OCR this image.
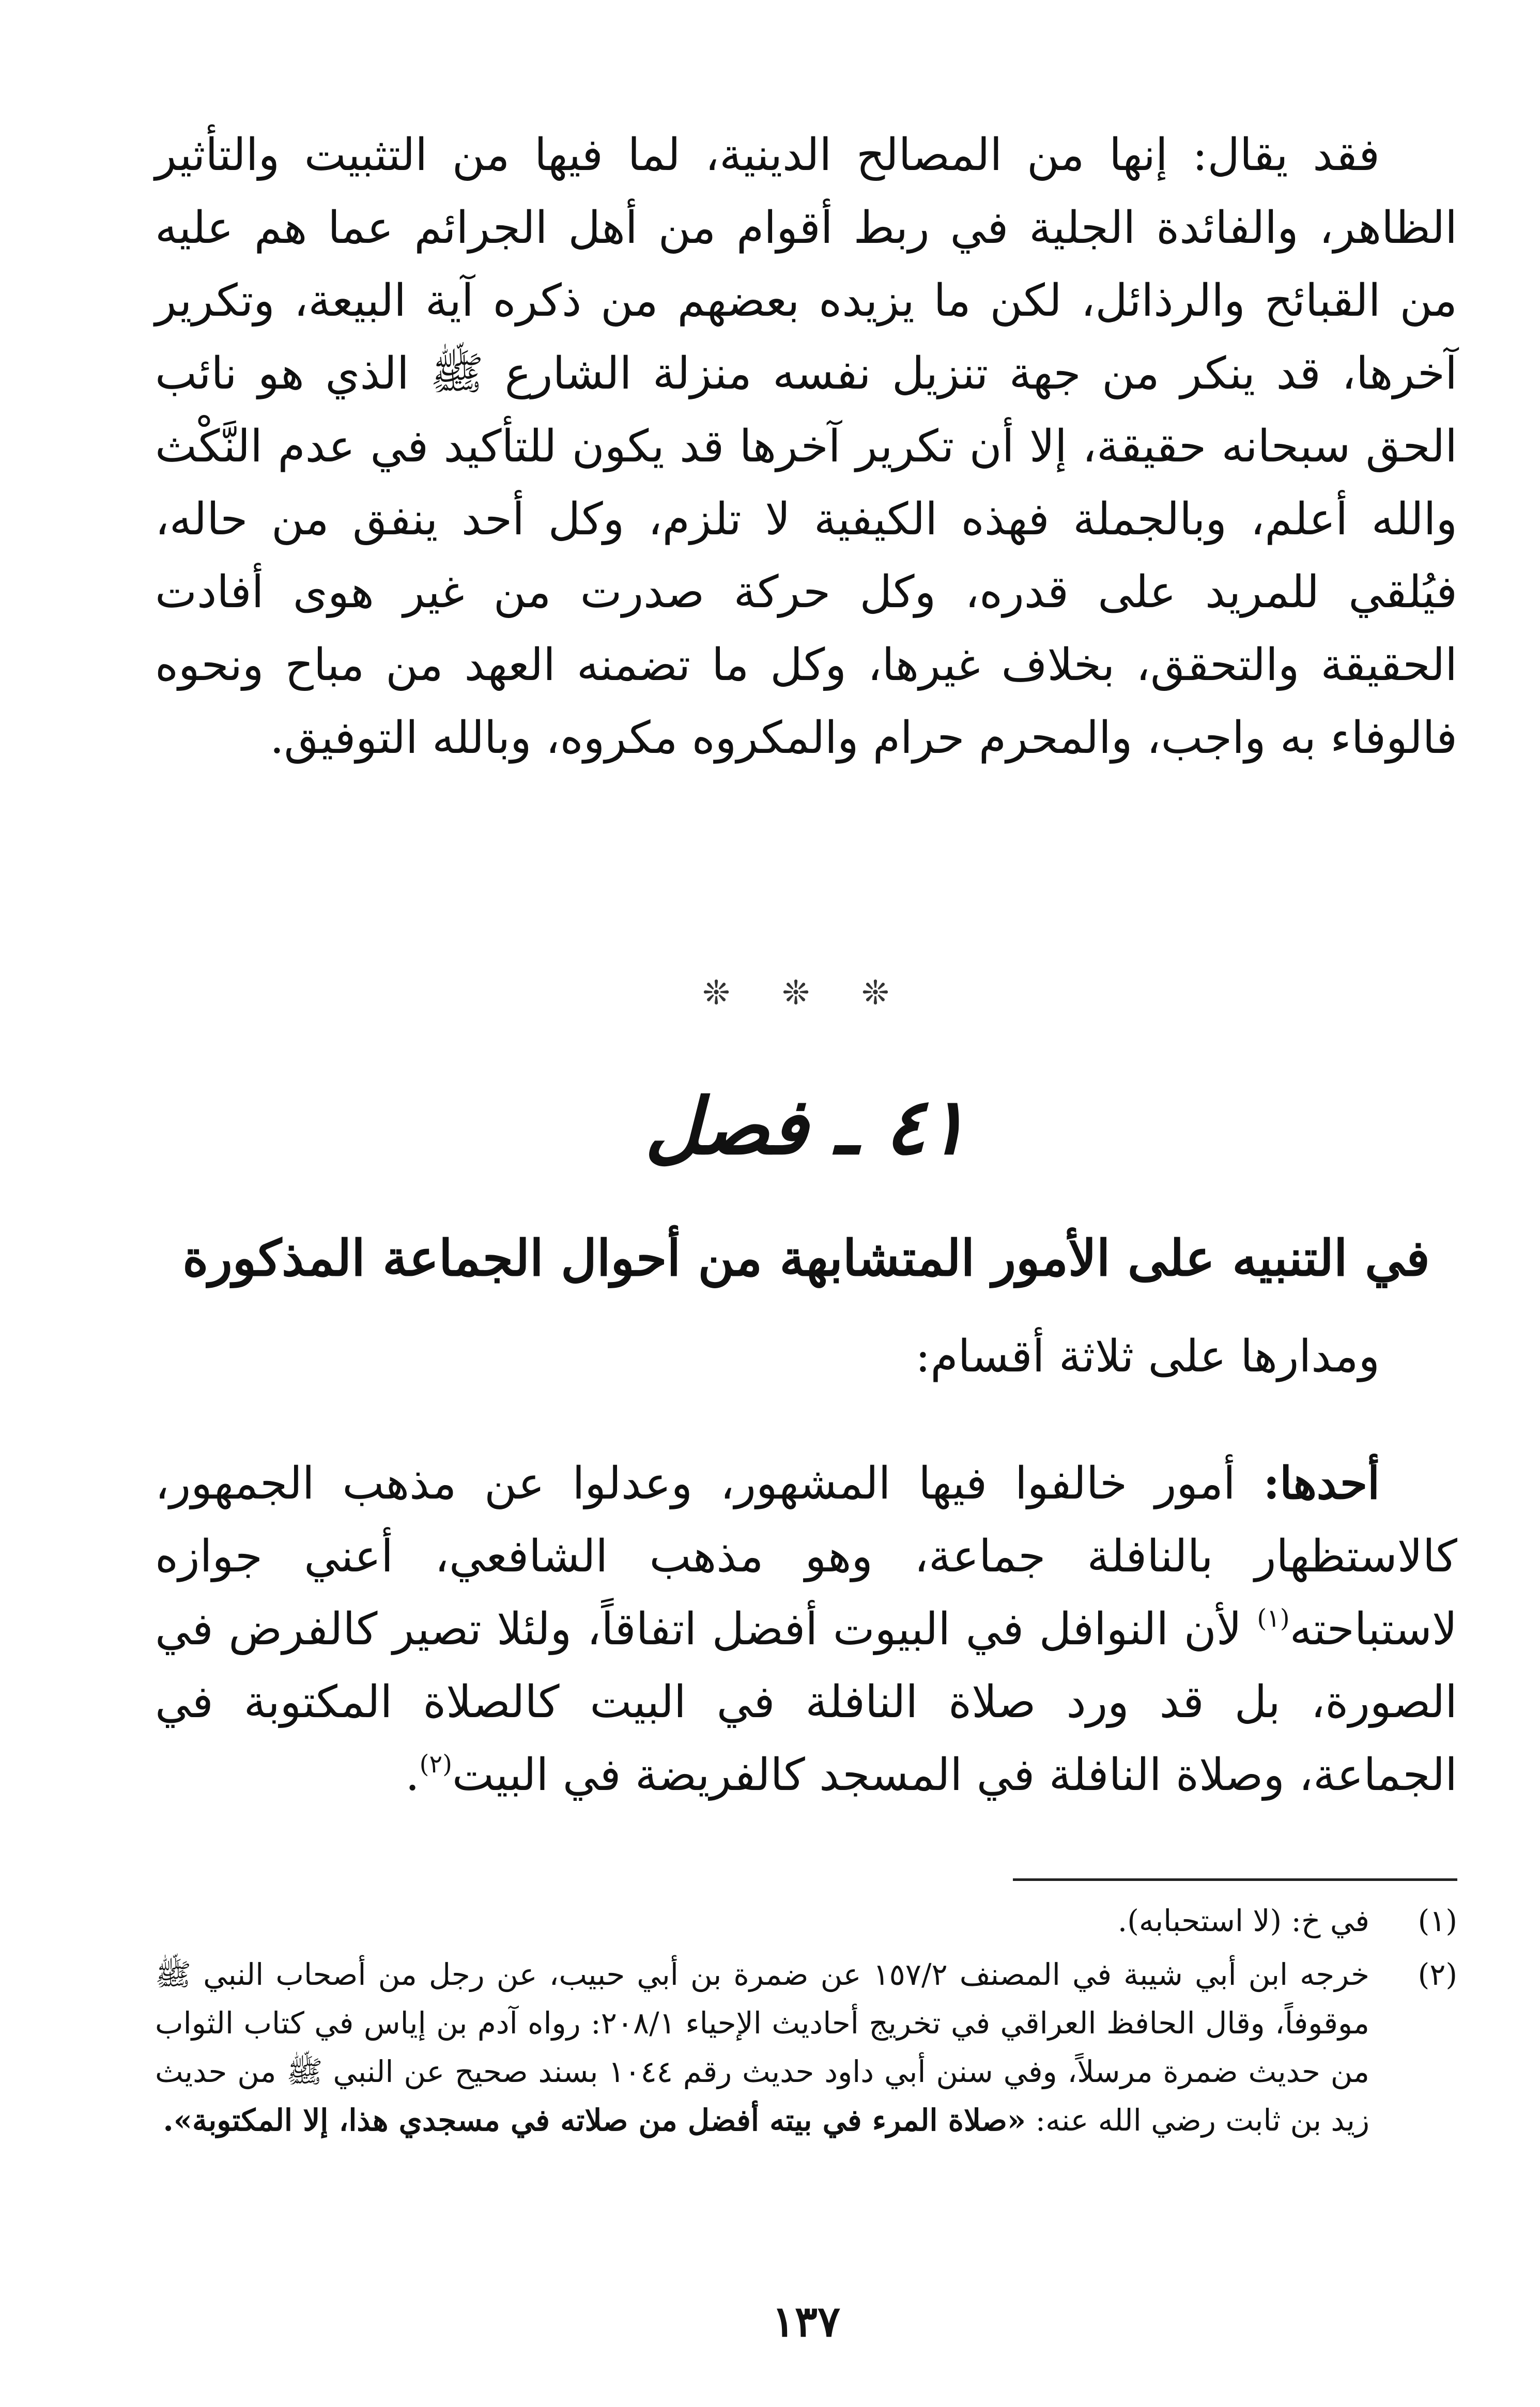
فقد يقال: إنها من المصالح الدينية، لما فيها من التثبيت والتأثير الظاهر، والفائدة الجلية في ربط أقوام من أهل الجرائم عما هم عليه من القبائح والرذائل، لكن ما يزيده بعضهم من ذكره آية البيعة، وتكرير آخرها، قد ينكر من جهة تنزيل نفسه منزلة الشارع ﷺ الذي هو نائب الحق سبحانه حقيقة، إلا أن تكرير آخرها قد يكون للتأكيد في عدم النَّكْث والله أعلم، وبالجملة فهذه الكيفية لا تلزم، وكل أحد ينفق من حاله، فيُلقي للمريد على قدره، وكل حركة صدرت من غير هوى أفادت الحقيقة والتحقق، بخلاف غيرها، وكل ما تضمنه العهد من مباح ونحوه فالوفاء به واجب، والمحرم حرام والمكروه مكروه، وبالله التوفيق.

❊ ❊ ❊
٤١ ـ فصل
في التنبيه على الأمور المتشابهة من أحوال الجماعة المذكورة

ومدارها على ثلاثة أقسام:

أحدها: أمور خالفوا فيها المشهور، وعدلوا عن مذهب الجمهور، كالاستظهار بالنافلة جماعة، وهو مذهب الشافعي، أعني جوازه لاستباحته$^{(١)}$ لأن النوافل في البيوت أفضل اتفاقاً، ولئلا تصير كالفرض في الصورة، بل قد ورد صلاة النافلة في البيت كالصلاة المكتوبة في الجماعة، وصلاة النافلة في المسجد كالفريضة في البيت$^{(٢)}$.

(١)
في خ: (لا استحبابه).
(٢)
خرجه ابن أبي شيبة في المصنف ١٥٧/٢ عن ضمرة بن أبي حبيب، عن رجل من أصحاب النبي ﷺ موقوفاً، وقال الحافظ العراقي في تخريج أحاديث الإحياء ٢٠٨/١: رواه آدم بن إياس في كتاب الثواب من حديث ضمرة مرسلاً، وفي سنن أبي داود حديث رقم ١٠٤٤ بسند صحيح عن النبي ﷺ من حديث زيد بن ثابت رضي الله عنه: «صلاة المرء في بيته أفضل من صلاته في مسجدي هذا، إلا المكتوبة».
١٣٧
